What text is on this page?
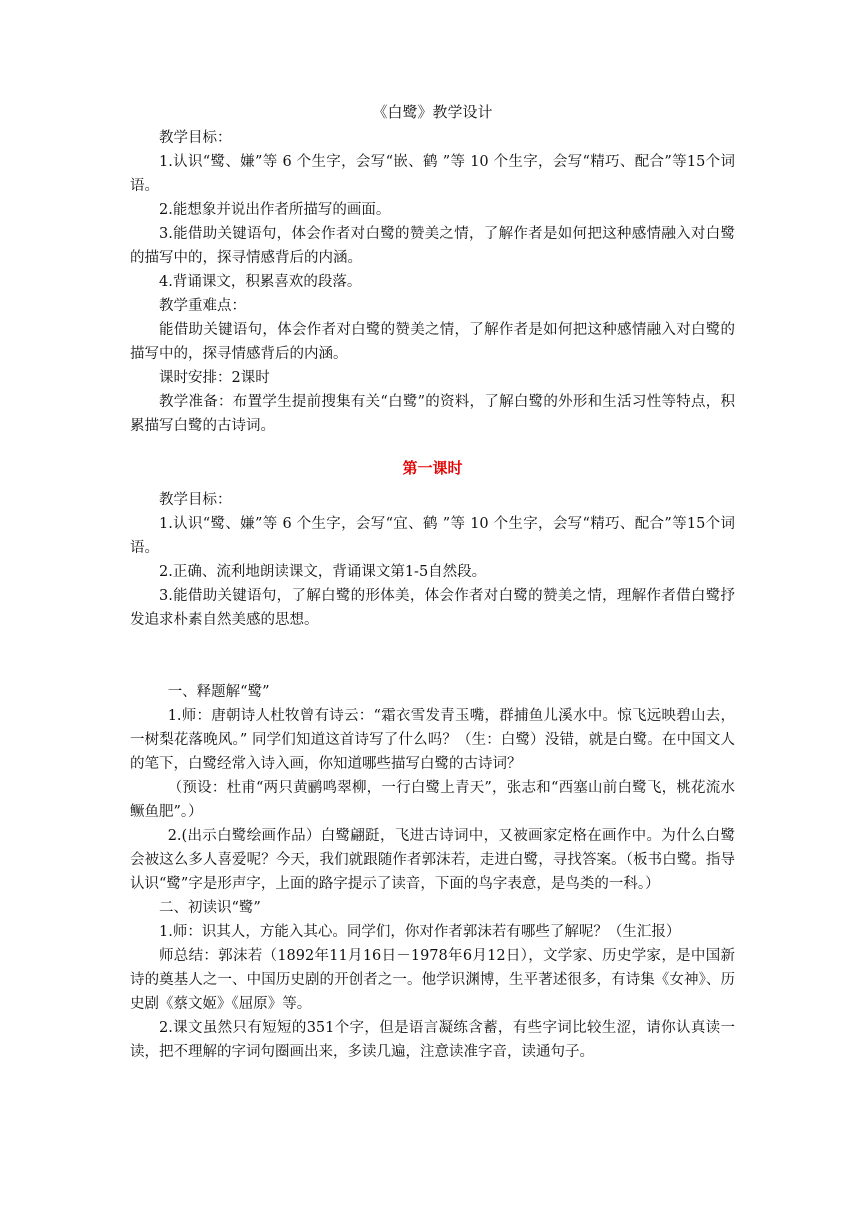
《白鹭》教学设计

教学目标：

1.认识“鹭、嫌”等 6 个生字，会写“嵌、鹤 ”等 10 个生字，会写“精巧、配合”等15个词语。

2.能想象并说出作者所描写的画面。

3.能借助关键语句，体会作者对白鹭的赞美之情，了解作者是如何把这种感情融入对白鹭的描写中的，探寻情感背后的内涵。

4.背诵课文，积累喜欢的段落。

教学重难点：

能借助关键语句，体会作者对白鹭的赞美之情，了解作者是如何把这种感情融入对白鹭的描写中的，探寻情感背后的内涵。

课时安排：2课时

教学准备：布置学生提前搜集有关“白鹭”的资料，了解白鹭的外形和生活习性等特点，积累描写白鹭的古诗词。

第一课时

教学目标：

1.认识“鹭、嫌”等 6 个生字，会写“宜、鹤 ”等 10 个生字，会写“精巧、配合”等15个词语。

2.正确、流利地朗读课文，背诵课文第1-5自然段。

3.能借助关键语句，了解白鹭的形体美，体会作者对白鹭的赞美之情，理解作者借白鹭抒发追求朴素自然美感的思想。

一、释题解“鹭”

1.师：唐朝诗人杜牧曾有诗云：“霜衣雪发青玉嘴，群捕鱼儿溪水中。惊飞远映碧山去，一树梨花落晚风。” 同学们知道这首诗写了什么吗？（生：白鹭）没错，就是白鹭。在中国文人的笔下，白鹭经常入诗入画，你知道哪些描写白鹭的古诗词？

（预设：杜甫“两只黄鹂鸣翠柳，一行白鹭上青天”，张志和“西塞山前白鹭飞，桃花流水鳜鱼肥”。）

2.(出示白鹭绘画作品）白鹭翩跹，飞进古诗词中，又被画家定格在画作中。为什么白鹭会被这么多人喜爱呢？今天，我们就跟随作者郭沫若，走进白鹭，寻找答案。（板书白鹭。指导认识“鹭”字是形声字，上面的路字提示了读音，下面的鸟字表意，是鸟类的一科。）

二、初读识“鹭”

1.师：识其人，方能入其心。同学们，你对作者郭沫若有哪些了解呢？（生汇报）

师总结：郭沫若（1892年11月16日－1978年6月12日），文学家、历史学家，是中国新诗的奠基人之一、中国历史剧的开创者之一。他学识渊博，生平著述很多，有诗集《女神》、历史剧《蔡文姬》《屈原》等。

2.课文虽然只有短短的351个字，但是语言凝练含蓄，有些字词比较生涩，请你认真读一读，把不理解的字词句圈画出来，多读几遍，注意读准字音，读通句子。
